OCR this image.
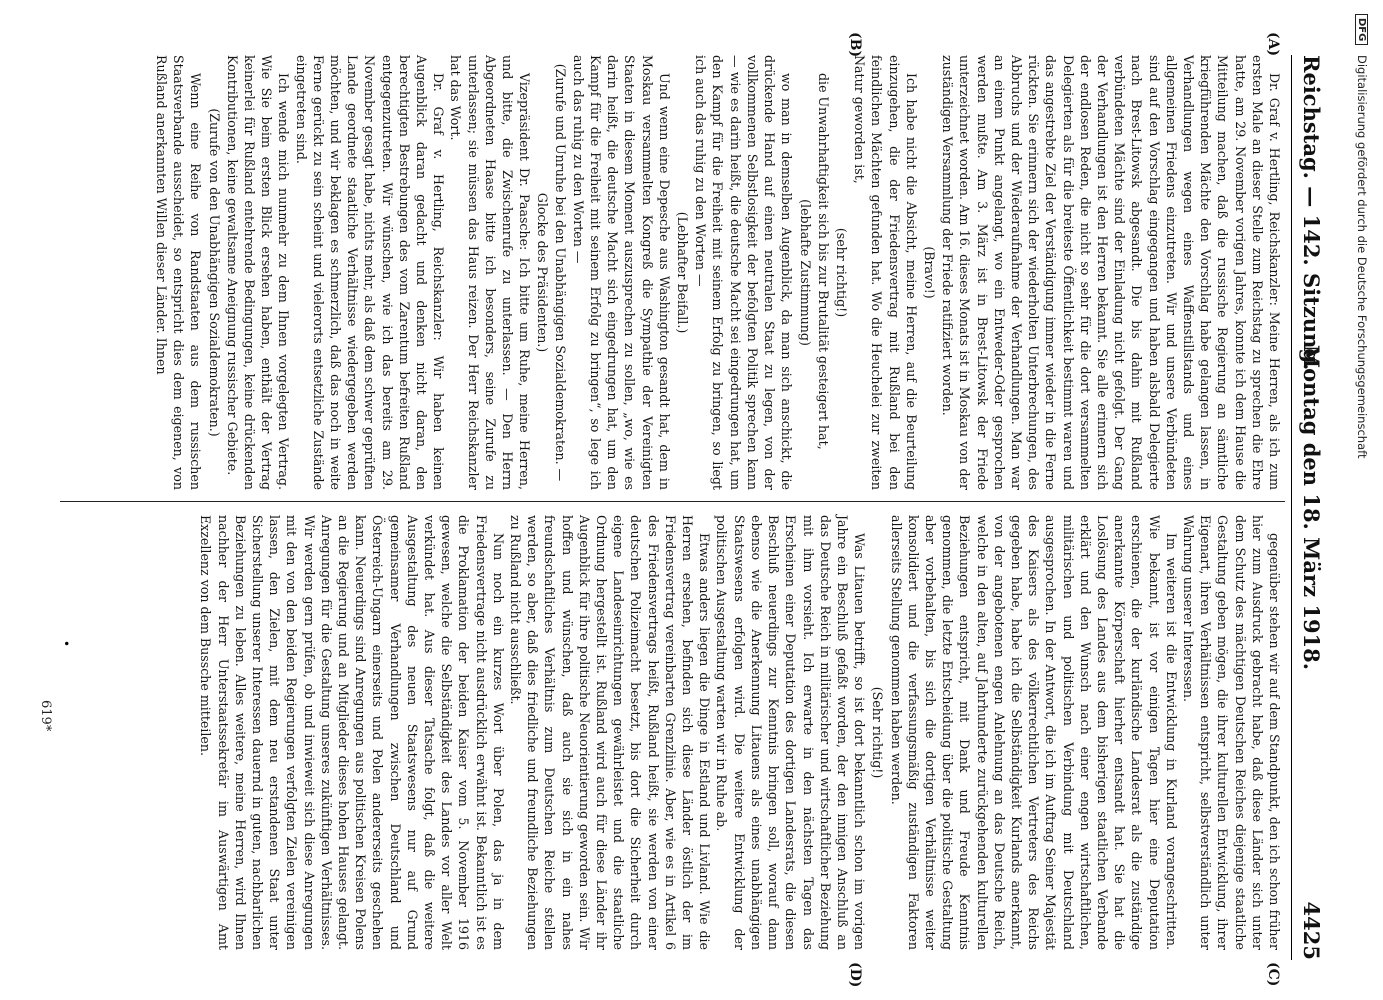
DFG Digitalisierung gefördert durch die Deutsche Forschungsgemeinschaft
Reichstag. — 142. Sitzung.
Montag den 18. März 1918.
4425
(A)
(B)
(C)
(D)

Dr. Graf v. Hertling, Reichskanzler: Meine Herren, als ich zum ersten Male an dieser Stelle zum Reichstag zu sprechen die Ehre hatte, am 29. November vorigen Jahres, konnte ich dem Hause die Mitteilung machen, daß die russische Regierung an sämtliche kriegführenden Mächte den Vorschlag habe gelangen lassen, in Verhandlungen wegen eines Waffenstillstands und eines allgemeinen Friedens einzutreten. Wir und unsere Verbündeten sind auf den Vorschlag eingegangen und haben alsbald Delegierte nach Brest-Litowsk abgesandt. Die bis dahin mit Rußland verbündeten Mächte sind der Einladung nicht gefolgt. Der Gang der Verhandlungen ist den Herren bekannt. Sie alle erinnern sich der endlosen Reden, die nicht so sehr für die dort versammelten Delegierten als für die breiteste Öffentlichkeit bestimmt waren und das angestrebte Ziel der Verständigung immer wieder in die Ferne rückten. Sie erinnern sich der wiederholten Unterbrechungen, des Abbruchs und der Wiederaufnahme der Verhandlungen. Man war an einem Punkt angelangt, wo ein Entweder-Oder gesprochen werden mußte. Am 3. März ist in Brest-Litowsk der Friede unterzeichnet worden. Am 16. dieses Monats ist in Moskau von der zuständigen Versammlung der Friede ratifiziert worden.

(Bravo!)

Ich habe nicht die Absicht, meine Herren, auf die Beurteilung einzugehen, die der Friedensvertrag mit Rußland bei den feindlichen Mächten gefunden hat. Wo die Heuchelei zur zweiten Natur geworden ist,

(sehr richtig!)

die Unwahrhaftigkeit sich bis zur Brutalität gesteigert hat,

(lebhafte Zustimmung)

wo man in demselben Augenblick, da man sich anschickt, die drückende Hand auf einen neutralen Staat zu legen, von der vollkommenen Selbstlosigkeit der befolgten Politik sprechen kann — wie es darin heißt, die deutsche Macht sei eingedrungen hat, um den Kampf für die Freiheit mit seinem Erfolg zu bringen, so liegt ich auch das ruhig zu den Worten —

(Lebhafter Beifall.)

Und wenn eine Depesche aus Washington gesandt hat, dem in Moskau versammelten Kongreß die Sympathie der Vereinigten Staaten in diesem Moment auszusprechen zu sollen, „wo, wie es darin heißt, die deutsche Macht sich eingedrungen hat, um den Kampf für die Freiheit mit seinem Erfolg zu bringen“, so lege ich auch das ruhig zu den Worten —

(Zurufe und Unruhe bei den Unabhängigen Sozialdemokraten. — Glocke des Präsidenten.)

Vizepräsident Dr. Paasche: Ich bitte um Ruhe, meine Herren, und bitte, die Zwischenrufe zu unterlassen. — Den Herrn Abgeordneten Haase bitte ich besonders, seine Zurufe zu unterlassen; sie müssen das Haus reizen. Der Herr Reichskanzler hat das Wort.

Dr. Graf v. Hertling, Reichskanzler: Wir haben keinen Augenblick daran gedacht und denken nicht daran, den berechtigten Bestrebungen des vom Zarentum befreiten Rußland entgegenzutreten. Wir wünschen, wie ich das bereits am 29. November gesagt habe, nichts mehr, als daß dem schwer geprüften Lande geordnete staatliche Verhältnisse wiedergegeben werden möchten, und wir beklagen es schmerzlich, daß das noch in weite Ferne gerückt zu sein scheint und vielerorts entsetzliche Zustände eingetreten sind.

Ich wende mich nunmehr zu dem Ihnen vorgelegten Vertrag. Wie Sie beim ersten Blick ersehen haben, enthält der Vertrag keinerlei für Rußland entehrende Bedingungen, keine drückenden Kontributionen, keine gewaltsame Aneignung russischer Gebiete.

(Zurufe von den Unabhängigen Sozialdemokraten.)

Wenn eine Reihe von Randstaaten aus dem russischen Staatsverbande ausscheidet, so entspricht dies dem eigenen, von Rußland anerkannten Willen dieser Länder. Ihnen

gegenüber stehen wir auf dem Standpunkt, den ich schon früher hier zum Ausdruck gebracht habe, daß diese Länder sich unter dem Schutz des mächtigen Deutschen Reiches diejenige staatliche Gestaltung geben mögen, die ihrer kulturellen Entwicklung, ihrer Eigenart, ihren Verhältnissen entspricht, selbstverständlich unter Wahrung unserer Interessen.

Im weiteren ist die Entwicklung in Kurland vorangeschritten. Wie bekannt, ist vor einigen Tagen hier eine Deputation erschienen, die der kurländische Landesrat als die zuständige anerkannte Körperschaft hierher entsandt hat. Sie hat die Loslösung des Landes aus dem bisherigen staatlichen Verbande erklärt und den Wunsch nach einer engen wirtschaftlichen, militärischen und politischen Verbindung mit Deutschland ausgesprochen. In der Antwort, die ich im Auftrag Seiner Majestät des Kaisers als des völkerrechtlichen Vertreters des Reichs gegeben habe, habe ich die Selbständigkeit Kurlands anerkannt, von der angebotenen engen Anlehnung an das Deutsche Reich, welche in den alten, auf Jahrhunderte zurückgehenden kulturellen Beziehungen entspricht, mit Dank und Freude Kenntnis genommen, die letzte Entscheidung über die politische Gestaltung aber vorbehalten, bis sich die dortigen Verhältnisse weiter konsolidiert und die verfassungsmäßig zuständigen Faktoren allerseits Stellung genommen haben werden.

(Sehr richtig!)

Was Litauen betrifft, so ist dort bekanntlich schon im vorigen Jahre ein Beschluß gefaßt worden, der den innigen Anschluß an das Deutsche Reich in militärischer und wirtschaftlicher Beziehung mit ihm vorsieht. Ich erwarte in den nächsten Tagen das Erscheinen einer Deputation des dortigen Landesrats, die diesen Beschluß neuerdings zur Kenntnis bringen soll, worauf dann ebenso wie die Anerkennung Litauens als eines unabhängigen Staatswesens erfolgen wird. Die weitere Entwicklung der politischen Ausgestaltung warten wir in Ruhe ab.

Etwas anders liegen die Dinge in Estland und Livland. Wie die Herren ersehen, befinden sich diese Länder östlich der im Friedensvertrag vereinbarten Grenzlinie. Aber, wie es in Artikel 6 des Friedensvertrags heißt, Rußland heißt, sie werden von einer deutschen Polizeimacht besetzt, bis dort die Sicherheit durch eigene Landeseinrichtungen gewährleistet und die staatliche Ordnung hergestellt ist. Rußland wird auch für diese Länder ihr Augenblick für ihre politische Neuorientierung geworden sein. Wir hoffen und wünschen, daß auch sie sich in ein nahes freundschaftliches Verhältnis zum Deutschen Reiche stellen werden, so aber, daß dies friedliche und freundliche Beziehungen zu Rußland nicht ausschließt.

Nun noch ein kurzes Wort über Polen, das ja in dem Friedensvertrage nicht ausdrücklich erwähnt ist. Bekanntlich ist es die Proklamation der beiden Kaiser vom 5. November 1916 gewesen, welche die Selbständigkeit des Landes vor aller Welt verkündet hat. Aus dieser Tatsache folgt, daß die weitere Ausgestaltung des neuen Staatswesens nur auf Grund gemeinsamer Verhandlungen zwischen Deutschland und Österreich-Ungarn einerseits und Polen andererseits geschehen kann. Neuerdings sind Anregungen aus politischen Kreisen Polens an die Regierung und an Mitglieder dieses hohen Hauses gelangt. Anregungen für die Gestaltung unseres zukünftigen Verhältnisses. Wir werden gern prüfen, ob und inwieweit sich diese Anregungen mit den von den beiden Regierungen verfolgten Zielen vereinigen lassen, den Zielen, mit dem neu erstandenen Staat unter Sicherstellung unserer Interessen dauernd in guten, nachbarlichen Beziehungen zu leben. Alles weitere, meine Herren, wird Ihnen nachher der Herr Unterstaatssekretär im Auswärtigen Amt Exzellenz von dem Bussche mitteilen.

•
619*
